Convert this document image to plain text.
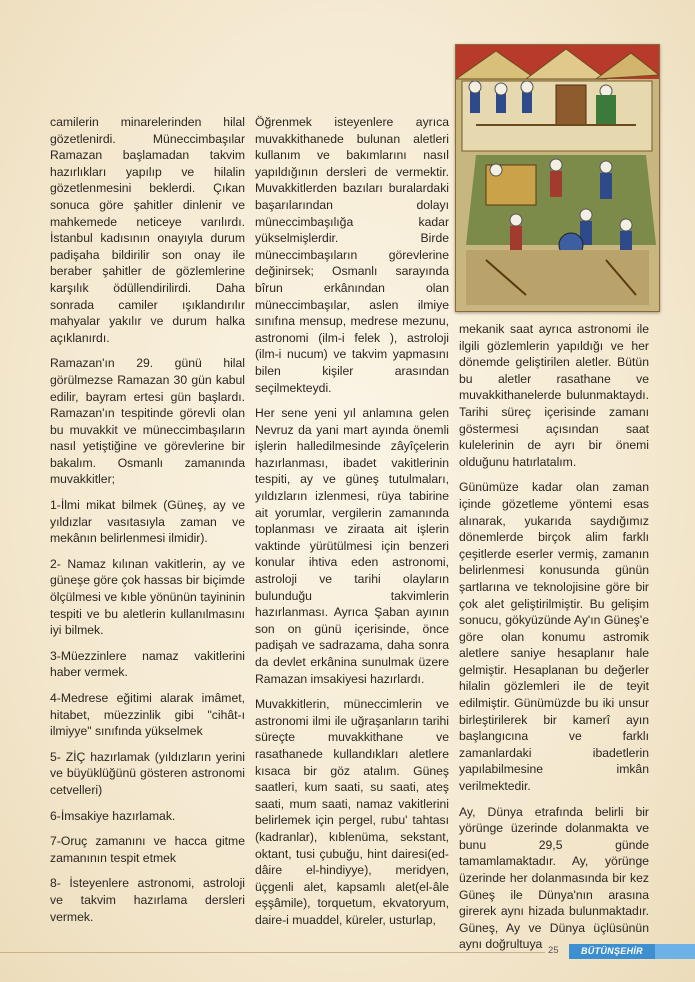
camilerin minarelerinden hilal gözetlenirdi. Müneccimbaşılar Ramazan başlamadan takvim hazırlıkları yapılıp ve hilalin gözetlenmesini beklerdi. Çıkan sonuca göre şahitler dinlenir ve mahkemede neticeye varılırdı. İstanbul kadısının onayıyla durum padişaha bildirilir son onay ile beraber şahitler de gözlemlerine karşılık ödüllendirilirdi. Daha sonrada camiler ışıklandırılır mahyalar yakılır ve durum halka açıklanırdı.

Ramazan'ın 29. günü hilal görülmezse Ramazan 30 gün kabul edilir, bayram ertesi gün başlardı. Ramazan'ın tespitinde görevli olan bu muvakkit ve müneccimbaşıların nasıl yetiştiğine ve görevlerine bir bakalım. Osmanlı zamanında muvakkitler;

1-İlmi mikat bilmek (Güneş, ay ve yıldızlar vasıtasıyla zaman ve mekânın belirlenmesi ilmidir).

2- Namaz kılınan vakitlerin, ay ve güneşe göre çok hassas bir biçimde ölçülmesi ve kıble yönünün tayininin tespiti ve bu aletlerin kullanılmasını iyi bilmek.

3-Müezzinlere namaz vakitlerini haber vermek.

4-Medrese eğitimi alarak imâmet, hitabet, müezzinlik gibi "cihât-ı ilmiyye" sınıfında yükselmek

5- ZİÇ hazırlamak (yıldızların yerini ve büyüklüğünü gösteren astronomi cetvelleri)

6-İmsakiye hazırlamak.

7-Oruç zamanını ve hacca gitme zamanının tespit etmek

8- İsteyenlere astronomi, astroloji ve takvim hazırlama dersleri vermek.

Öğrenmek isteyenlere ayrıca muvakkithanede bulunan aletleri kullanım ve bakımlarını nasıl yapıldığının dersleri de vermektir. Muvakkitlerden bazıları buralardaki başarılarından dolayı müneccimbaşılığa kadar yükselmişlerdir. Birde müneccimbaşıların görevlerine değinirsek; Osmanlı sarayında bîrun erkânından olan müneccimbaşılar, aslen ilmiye sınıfına mensup, medrese mezunu, astronomi (ilm-i felek ), astroloji (ilm-i nucum) ve takvim yapmasını bilen kişiler arasından seçilmekteydi.

Her sene yeni yıl anlamına gelen Nevruz da yani mart ayında önemli işlerin halledilmesinde zâyîçelerin hazırlanması, ibadet vakitlerinin tespiti, ay ve güneş tutulmaları, yıldızların izlenmesi, rüya tabirine ait yorumlar, vergilerin zamanında toplanması ve ziraata ait işlerin vaktinde yürütülmesi için benzeri konular ihtiva eden astronomi, astroloji ve tarihi olayların bulunduğu takvimlerin hazırlanması. Ayrıca Şaban ayının son on günü içerisinde, önce padişah ve sadrazama, daha sonra da devlet erkânina sunulmak üzere Ramazan imsakiyesi hazırlardı.

Muvakkitlerin, müneccimlerin ve astronomi ilmi ile uğraşanların tarihi süreçte muvakkithane ve rasathanede kullandıkları aletlere kısaca bir göz atalım. Güneş saatleri, kum saati, su saati, ateş saati, mum saati, namaz vakitlerini belirlemek için pergel, rubu' tahtası (kadranlar), kıblenüma, sekstant, oktant, tusi çubuğu, hint dairesi(ed-dâire el-hindiyye), meridyen, üçgenli alet, kapsamlı alet(el-âle eşşâmile), torquetum, ekvatoryum, daire-i muaddel, küreler, usturlap,

mekanik saat ayrıca astronomi ile ilgili gözlemlerin yapıldığı ve her dönemde geliştirilen aletler. Bütün bu aletler rasathane ve muvakkithanelerde bulunmaktaydı. Tarihi süreç içerisinde zamanı göstermesi açısından saat kulelerinin de ayrı bir önemi olduğunu hatırlatalım.

Günümüze kadar olan zaman içinde gözetleme yöntemi esas alınarak, yukarıda saydığımız dönemlerde birçok alim farklı çeşitlerde eserler vermiş, zamanın belirlenmesi konusunda günün şartlarına ve teknolojisine göre bir çok alet geliştirilmiştir. Bu gelişim sonucu, gökyüzünde Ay'ın Güneş'e göre olan konumu astromik aletlere saniye hesaplanır hale gelmiştir. Hesaplanan bu değerler hilalin gözlemleri ile de teyit edilmiştir. Günümüzde bu iki unsur birleştirilerek bir kamerî ayın başlangıcına ve farklı zamanlardaki ibadetlerin yapılabilmesine imkân verilmektedir.

Ay, Dünya etrafında belirli bir yörünge üzerinde dolanmakta ve bunu 29,5 günde tamamlamaktadır. Ay, yörünge üzerinde her dolanmasında bir kez Güneş ile Dünya'nın arasına girerek aynı hizada bulunmaktadır. Güneş, Ay ve Dünya üçlüsünün aynı doğrultuya 25	BÜTÜNŞEHİR
